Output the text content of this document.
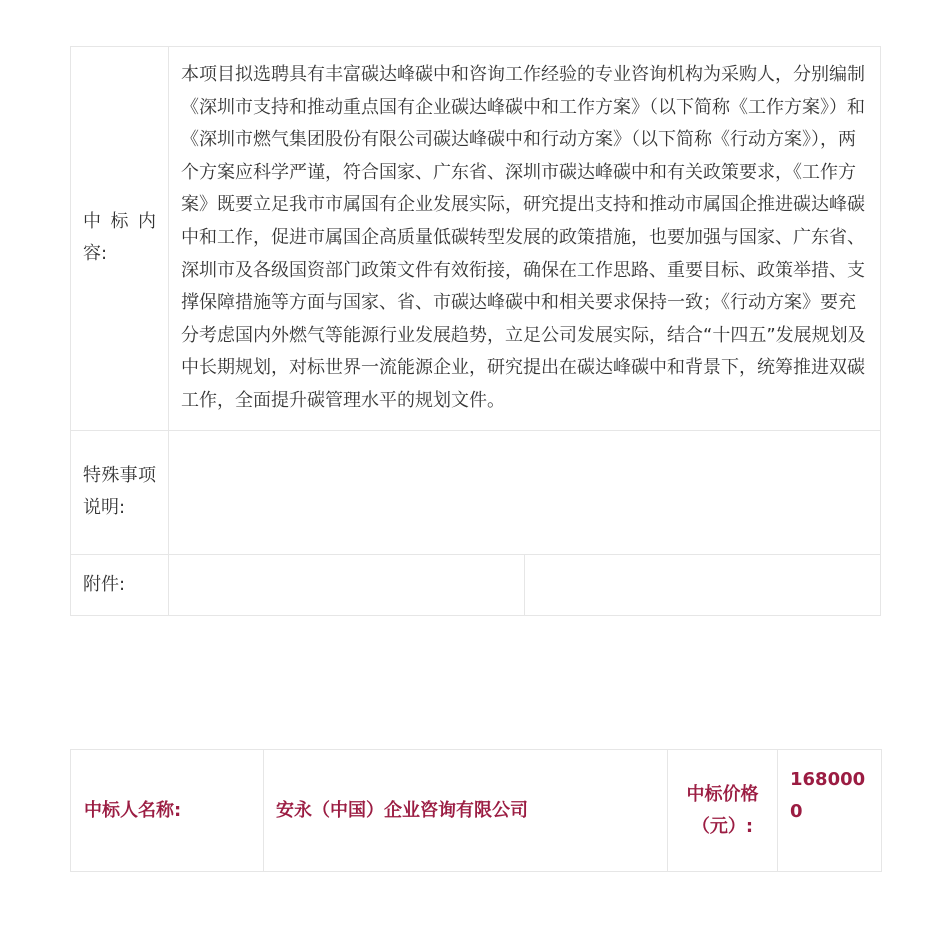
中标内容:	本项目拟选聘具有丰富碳达峰碳中和咨询工作经验的专业咨询机构为采购人，分别编制《深圳市支持和推动重点国有企业碳达峰碳中和工作方案》（以下简称《工作方案》）和《深圳市燃气集团股份有限公司碳达峰碳中和行动方案》（以下简称《行动方案》），两个方案应科学严谨，符合国家、广东省、深圳市碳达峰碳中和有关政策要求，《工作方案》既要立足我市市属国有企业发展实际，研究提出支持和推动市属国企推进碳达峰碳中和工作，促进市属国企高质量低碳转型发展的政策措施，也要加强与国家、广东省、深圳市及各级国资部门政策文件有效衔接，确保在工作思路、重要目标、政策举措、支撑保障措施等方面与国家、省、市碳达峰碳中和相关要求保持一致；《行动方案》要充分考虑国内外燃气等能源行业发展趋势，立足公司发展实际，结合“十四五”发展规划及中长期规划，对标世界一流能源企业，研究提出在碳达峰碳中和背景下，统筹推进双碳工作，全面提升碳管理水平的规划文件。	
特殊事项说明:		
附件:		
中标人名称:	安永（中国）企业咨询有限公司	中标价格（元）:	1680000
